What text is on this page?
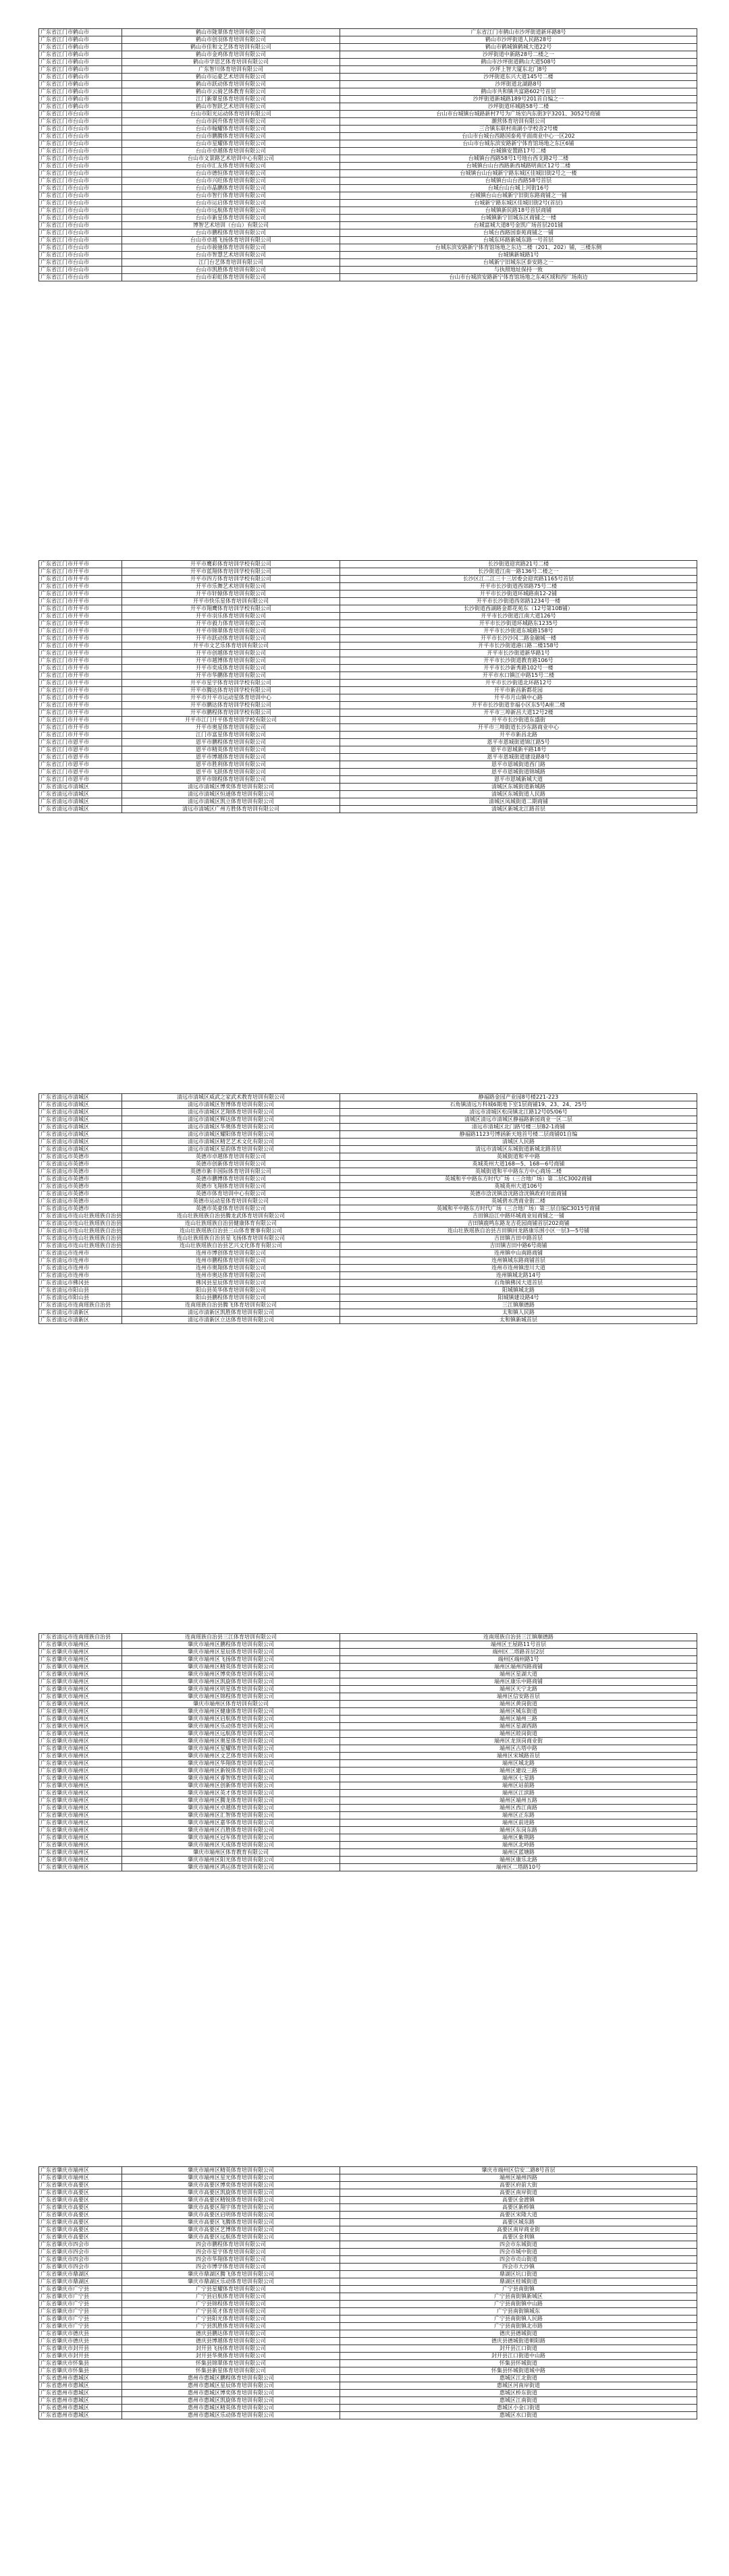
广东省江门市鹤山市	鹤山市陇翠体育培训有限公司	广东省江门市鹤山市沙坪街道新环路8号
广东省江门市鹤山市	鹤山市创羽体育培训有限公司	鹤山市沙坪街道人民路28号
广东省江门市鹤山市	鹤山市佳和文艺体育培训有限公司	鹤山市鹤城镇鹤城大道22号
广东省江门市鹤山市	鹤山市金鸡体育培训有限公司	沙坪街道中新路28号二楼之一
广东省江门市鹤山市	鹤山市学思艺体育培训有限公司	鹤山市沙坪街道鹤山大道508号
广东省江门市鹤山市	广东智川体育培训有限公司	沙坪上智大厦东北门8号
广东省江门市鹤山市	鹤山市运豪艺术培训有限公司	沙坪街道东兴大道145号二楼
广东省江门市鹤山市	鹤山市跃动体育培训有限公司	沙坪街道北湖路8号
广东省江门市鹤山市	鹤山市云骑艺体教育有限公司	鹤山市共和镇共富路602号首层
广东省江门市鹤山市	江门新翠星体育培训有限公司	沙坪街道新城路189号201首自编之一
广东省江门市鹤山市	鹤山市智跃艺术培训有限公司	沙坪街道环城路58号二楼
广东省江门市台山市	台山市阳光运动体育培训有限公司	台山市台城镇台城路新村7号为广场室内东街3字3201、3052号商铺
广东省江门市台山市	台山市润升体育培训有限公司	潮营体育培训有限公司
广东省江门市台山市	台山市翰耀体育培训有限公司	三合镇东联村南湖小学校舍2号楼
广东省江门市台山市	台山市鹏腾体育培训有限公司	台山市台城台西路国泰苑平面商业中心一区202
广东省江门市台山市	台山市星耀体育培训有限公司	台山市台城东滨安路新宁体育馆场地之东区6铺
广东省江门市台山市	台山市卓越体育培训有限公司	台城镇安置路17号二楼
广东省江门市台山市	台山市文景路艺术培训中心有限公司	台城镇台西路58号1号地台西支路2号二楼
广东省江门市台山市	台山市汇友体育培训有限公司	台城镇台山台西路新西城路明南区12号二楼
广东省江门市台山市	台山市德恒体育培训有限公司	台城镇台山台城新宁路东城区佳城旧街2号之一楼
广东省江门市台山市	台山市兴旺体育培训有限公司	台城镇台山台西路58号首层
广东省江门市台山市	台山市晶鹏体育培训有限公司	台城台山台城上河街16号
广东省江门市台山市	台山市智行体育培训有限公司	台城镇台山台城新宁旧街东路商铺之一铺
广东省江门市台山市	台山市运启体育培训有限公司	台城新宁路东城区佳城旧街2号(首层)
广东省江门市台山市	台山市远航体育培训有限公司	台城镇新民路18号首层商铺
广东省江门市台山市	台山市新星体育培训有限公司	台城镇新宁旧城东区商铺之一楼
广东省江门市台山市	博智艺术培训（台山）有限公司	台城富城大道8号金凯广场首层201铺
广东省江门市台山市	台山市鹏程体育培训有限公司	台城台西路国泰苑商铺之一铺
广东省江门市台山市	台山市卓越飞扬体育培训有限公司	台城东环路新城东路一号首层
广东省江门市台山市	台山市骏驰体育培训有限公司	台城东滨安路新宁体育馆场地之东边二楼（201、202）铺，三楼东侧
广东省江门市台山市	台山市智慧艺术培训有限公司	台城镇新城路1号
广东省江门市台山市	江门台艺体育培训有限公司	台城新宁旧城东区泰安路之一
广东省江门市台山市	台山市凯胜体育培训有限公司	与执照地址保持一致
广东省江门市台山市	台山市彩虹体育培训有限公司	台山市台城滨安路新宁体育馆场地之东4区域和西厂场南边
广东省江门市开平市	开平市鹰彩体育培训学校有限公司	长沙街道迎宾路21号二楼
广东省江门市开平市	开平市蓝翔体育培训学校有限公司	长沙街道江南一路136号二楼之一
广东省江门市开平市	开平市四方体育培训学校有限公司	长沙区江二江三十三居委会迎宾路1165号首层
广东省江门市开平市	开平市乐舞艺术培训有限公司	开平市长沙街道西郊路75号二楼
广东省江门市开平市	开平市轩辕体育培训有限公司	开平市长沙街道环城路南12-2铺
广东省江门市开平市	开平市快乐星体育培训有限公司	开平市长沙街道西郊路1234号一楼
广东省江门市开平市	开平市翔鹰体育培训学校有限公司	长沙街道西湖路金都花苑东（12号第10B铺）
广东省江门市开平市	开平市羽乐体育培训有限公司	开平市长沙街道江南大道126号
广东省江门市开平市	开平市毅力体育培训有限公司	开平市长沙街道环城路东1235号
广东省江门市开平市	开平市锦翠体育培训有限公司	开平市长沙街道东城路158号
广东省江门市开平市	开平市跃动体育培训有限公司	开平市长沙沙冈二路金融城一楼
广东省江门市开平市	开平市文艺乐体育培训有限公司	开平市长沙街道港口路二楼158号
广东省江门市开平市	开平市创越体育培训有限公司	开平市长沙街道新华路1号
广东省江门市开平市	开平市越博体育培训有限公司	开平市长沙街道教育路106号
广东省江门市开平市	开平市奕成体育培训有限公司	开平市长沙新秀路102号一楼
广东省江门市开平市	开平市华鹏体育培训有限公司	开平市水口镇江中路15号二楼
广东省江门市开平市	开平市星宇体育培训学校有限公司	开平市长沙街道北环路12号
广东省江门市开平市	开平市腾达体育培训学校有限公司	开平市新昌新都花园
广东省江门市开平市	开平市开平市运动星体育培训中心	开平市月山镇中心路
广东省江门市开平市	开平市鹏达体育培训学校有限公司	开平市长沙街道幸福小区东5号A座二楼
广东省江门市开平市	开平市鹏程体育培训学校有限公司	开平市三埠新昌大道12号2楼
广东省江门市开平市	开平市江门开平体育培训学校有限公司	开平市长沙街道东盛街
广东省江门市开平市	开平市奥星体育培训有限公司	开平市三埠街道长沙东路商业中心
广东省江门市开平市	江门市富星体育培训有限公司	开平市新昌北路
广东省江门市恩平市	恩平市鹏程体育培训有限公司	恩平市恩城街道锦江路5号
广东省江门市恩平市	恩平市精英体育培训有限公司	恩平市恩城新平路18号
广东省江门市恩平市	恩平市博越体育培训有限公司	恩平市恩城街道建设路8号
广东省江门市恩平市	恩平市胜利体育培训有限公司	恩平市恩城街道西门路
广东省江门市恩平市	恩平市飞跃体育培训有限公司	恩平市恩城街道锦城路
广东省江门市恩平市	恩平市锦程体育培训有限公司	恩平市恩城新城大道
广东省清远市清城区	清远市清城区博奕体育培训有限公司	清城区东城街道新城路
广东省清远市清城区	清远市清城区恒通体育培训有限公司	清城区东城街道人民路
广东省清远市清城区	清远市清城区凯立体育培训有限公司	清城区凤城街道二期商铺
广东省清远市清城区	清远市清城区广州方胜体育培训有限公司	清城区新城北江路首层
广东省清远市清城区	清远市清城区威武之家武术教育培训有限公司	静福路金园产业园8号楼221-223
广东省清远市清城区	清远市清城区智博体育培训有限公司	石角镇清远万科城6期地下室1层商铺19、23、24、25号
广东省清远市清城区	清远市清城区艺翔体育培训有限公司	清远市清城区松岗镇北江路12号05/06号
广东省清远市清城区	清远市清城区辉达体育培训有限公司	清城区清远市清城区静福路新园商业一区二层
广东省清远市清城区	清远市清城区华奥体育培训有限公司	清远市清城区北门路号楼三层B2-1商铺
广东省清远市清城区	清远市清城区耀阳体育培训有限公司	静福路1123号博涵新天地首号楼二层商铺01自编
广东省清远市清城区	清远市清城区精艺艺术文化有限公司	清城区人民路
广东省清远市清城区	清远市清城区星韵体育培训有限公司	清远市清城区东城街道新城北路首层
广东省清远市英德市	英德市卓越体育培训有限公司	英城街道和平中路
广东省清远市英德市	英德市创新体育培训有限公司	英城英州大道168—5、168—6号商铺
广东省清远市英德市	英德市新丰国际体育培训有限公司	英城街道和平中路东方中心商场二楼
广东省清远市英德市	英德市鹏博体育培训有限公司	英城和平中路东方时代广场（三合地广场）第二层C3002商铺
广东省清远市英德市	英德市飞翔体育培训有限公司	英城英州大道106号
广东省清远市英德市	英德市体育培训中心有限公司	英德市浛洸镇浛洸路浛洸镇政府对面商铺
广东省清远市英德市	英德市运动星体育培训有限公司	英城碧水湾商业街二楼
广东省清远市英德市	英德市英豪体育培训有限公司	英城和平中路东方时代广场（三合地广场）第三层自编C3015号商铺
广东省清远市连山壮族瑶族自治县	连山壮族瑶族自治县腾龙武体育培训有限公司	吉田镇沿江中路环城商业局商铺之一铺
广东省清远市连山壮族瑶族自治县	连山壮族瑶族自治县健康体育有限公司	吉田镇鹿鸣东路龙吉花园商铺首层202商铺
广东省清远市连山壮族瑶族自治县	连山壮族瑶族自治县三山体育赛事有限公司	连山壮族瑶族自治县吉田镇回龙路康乐围小区一层3—5号铺
广东省清远市连山壮族瑶族自治县	连山壮族瑶族自治县星飞扬体育培训有限公司	吉田镇吉田中路首层
广东省清远市连山壮族瑶族自治县	连山壮族瑶族自治县艺兴文化体育有限公司	吉田镇吉田中路6号商铺
广东省清远市连州市	连州市博创体育培训有限公司	连州镇中山南路商铺
广东省清远市连州市	连州市鹏程体育培训有限公司	连州镇城东路商铺首层
广东省清远市连州市	连州市奥翔体育培训有限公司	连州市连州镇湟川大道
广东省清远市连州市	连州市奥达体育培训有限公司	连州镇城北路14号
广东省清远市佛冈县	佛冈县星辰体育培训有限公司	石角镇佛冈大道首层
广东省清远市阳山县	阳山县英华体育培训有限公司	阳城镇城北路
广东省清远市阳山县	阳山县鹏程体育培训有限公司	阳城镇建设路4号
广东省清远市连南瑶族自治县	连南瑶族自治县腾飞体育培训有限公司	三江镇顺德路
广东省清远市清新区	清远市清新区凯胜体育培训有限公司	太和镇人民路
广东省清远市清新区	清远市清新区立达体育培训有限公司	太和镇新城首层
广东省清远市连南瑶族自治县	连南瑶族自治县三江体育培训有限公司	连南瑶族自治县三江镇顺德路
广东省肇庆市端州区	肇庆市端州区鹏程体育培训有限公司	端州区王屋路11号首层
广东省肇庆市端州区	肇庆市端州区星辰体育培训有限公司	端州区二塔路首层2层
广东省肇庆市端州区	肇庆市端州区飞扬体育培训有限公司	端州区端州路1号
广东省肇庆市端州区	肇庆市端州区精英体育培训有限公司	端州区端州四路商铺
广东省肇庆市端州区	肇庆市端州区博奕体育培训有限公司	端州区星湖大道
广东省肇庆市端州区	肇庆市端州区凯旋体育培训有限公司	端州区康乐中路商铺
广东省肇庆市端州区	肇庆市端州区明星体育培训有限公司	端州区天宁北路
广东省肇庆市端州区	肇庆市端州区锦程体育培训有限公司	端州区信安路首层
广东省肇庆市端州区	肇庆市端州区体育培训有限公司	端州区黄岗街道
广东省肇庆市端州区	肇庆市端州区健康体育培训有限公司	端州区城东街道
广东省肇庆市端州区	肇庆市端州区启航体育培训有限公司	端州区端州三路
广东省肇庆市端州区	肇庆市端州区乐动体育培训有限公司	端州区星湖西路
广东省肇庆市端州区	肇庆市端州区远航体育培训有限公司	端州区睦岗街道
广东省肇庆市端州区	肇庆市端州区奥星体育培训有限公司	端州区龙顶岗商业街
广东省肇庆市端州区	肇庆市端州区星耀体育培训有限公司	端州区古塔中路
广东省肇庆市端州区	肇庆市端州区文艺体育培训有限公司	端州区宋城路首层
广东省肇庆市端州区	肇庆市端州区华翔体育培训有限公司	端州区城北路
广东省肇庆市端州区	肇庆市端州区新锐体育培训有限公司	端州区建设三路
广东省肇庆市端州区	肇庆市端州区睿智体育培训有限公司	端州区七星路
广东省肇庆市端州区	肇庆市端州区创新体育培训有限公司	端州区站前路
广东省肇庆市端州区	肇庆市端州区英才体育培训有限公司	端州区江滨路
广东省肇庆市端州区	肇庆市端州区腾龙体育培训有限公司	端州区端州五路
广东省肇庆市端州区	肇庆市端州区卓越体育培训有限公司	端州区西江南路
广东省肇庆市端州区	肇庆市端州区汇智体育培训有限公司	端州区正东路
广东省肇庆市端州区	肇庆市端州区嘉华体育培训有限公司	端州区前进路
广东省肇庆市端州区	肇庆市端州区百胜体育培训有限公司	端州区东岗东路
广东省肇庆市端州区	肇庆市端州区冠军体育培训有限公司	端州区紫荆路
广东省肇庆市端州区	肇庆市端州区天成体育培训有限公司	端州区北岭路
广东省肇庆市端州区	肇庆市端州区体育教育有限公司	端州区蓝塘路
广东省肇庆市端州区	肇庆市端州区阳光体育培训有限公司	端州区康乐北路
广东省肇庆市端州区	肇庆市端州区鸿运体育培训有限公司	端州区二塔路10号
广东省肇庆市端州区	肇庆市端州区精英体育培训有限公司	肇庆市端州区信安二路8号首层
广东省肇庆市端州区	肇庆市端州区星光体育培训有限公司	端州区端州四路
广东省肇庆市高要区	肇庆市高要区博奕体育培训有限公司	高要区府前大街
广东省肇庆市高要区	肇庆市高要区凯旋体育培训有限公司	高要区南岸街道
广东省肇庆市高要区	肇庆市高要区精锐体育培训有限公司	高要区金渡镇
广东省肇庆市高要区	肇庆市高要区翔宇体育培训有限公司	高要区新桥镇
广东省肇庆市高要区	肇庆市高要区启明体育培训有限公司	高要区宋隆大道
广东省肇庆市高要区	肇庆市高要区飞腾体育培训有限公司	高要区城东路
广东省肇庆市高要区	肇庆市高要区艺博体育培训有限公司	高要区南岸商业街
广东省肇庆市高要区	肇庆市高要区远航体育培训有限公司	高要区金利镇
广东省肇庆市四会市	四会市鹏程体育培训有限公司	四会市东城街道
广东省肇庆市四会市	四会市星宇体育培训有限公司	四会市城中街道
广东省肇庆市四会市	四会市华翔体育培训有限公司	四会市贞山街道
广东省肇庆市四会市	四会市博学体育培训有限公司	四会市大沙镇
广东省肇庆市鼎湖区	肇庆市鼎湖区腾飞体育培训有限公司	鼎湖区坑口街道
广东省肇庆市鼎湖区	肇庆市鼎湖区乐动体育培训有限公司	鼎湖区桂城街道
广东省肇庆市广宁县	广宁县星耀体育培训有限公司	广宁县南街镇
广东省肇庆市广宁县	广宁县启航体育培训有限公司	广宁县南街镇新城区
广东省肇庆市广宁县	广宁县锦程体育培训有限公司	广宁县南街镇中山路
广东省肇庆市广宁县	广宁县英才体育培训有限公司	广宁县南街镇城东
广东省肇庆市广宁县	广宁县阳光体育培训有限公司	广宁县南街镇人民路
广东省肇庆市广宁县	广宁县凯胜体育培训有限公司	广宁县南街镇北市路
广东省肇庆市德庆县	德庆县鹏达体育培训有限公司	德庆县德城街道
广东省肇庆市德庆县	德庆县博越体育培训有限公司	德庆县德城街道朝阳路
广东省肇庆市封开县	封开县飞扬体育培训有限公司	封开县江口街道
广东省肇庆市封开县	封开县华奥体育培训有限公司	封开县江口街道中山路
广东省肇庆市怀集县	怀集县锦翠体育培训有限公司	怀集县怀城街道
广东省肇庆市怀集县	怀集县新星体育培训有限公司	怀集县怀城街道城中路
广东省惠州市惠城区	惠州市惠城区鹏程体育培训有限公司	惠城区江北街道
广东省惠州市惠城区	惠州市惠城区星辰体育培训有限公司	惠城区河南岸街道
广东省惠州市惠城区	惠州市惠城区博奕体育培训有限公司	惠城区桥东街道
广东省惠州市惠城区	惠州市惠城区凯旋体育培训有限公司	惠城区江南街道
广东省惠州市惠城区	惠州市惠城区精英体育培训有限公司	惠城区小金口街道
广东省惠州市惠城区	惠州市惠城区乐动体育培训有限公司	惠城区水口街道
